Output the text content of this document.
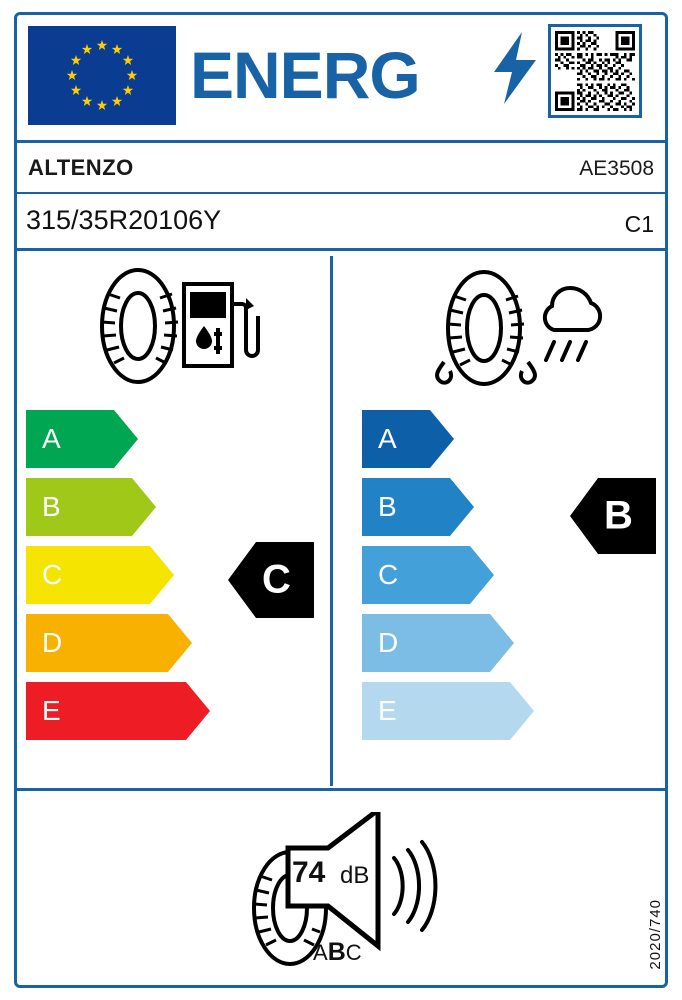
ENERG
ALTENZO	AE3508
315/35R20106Y	C1
A
B
C
D
E
A
B
C
D
E
C
B
74 dB
ABC	2020/740
